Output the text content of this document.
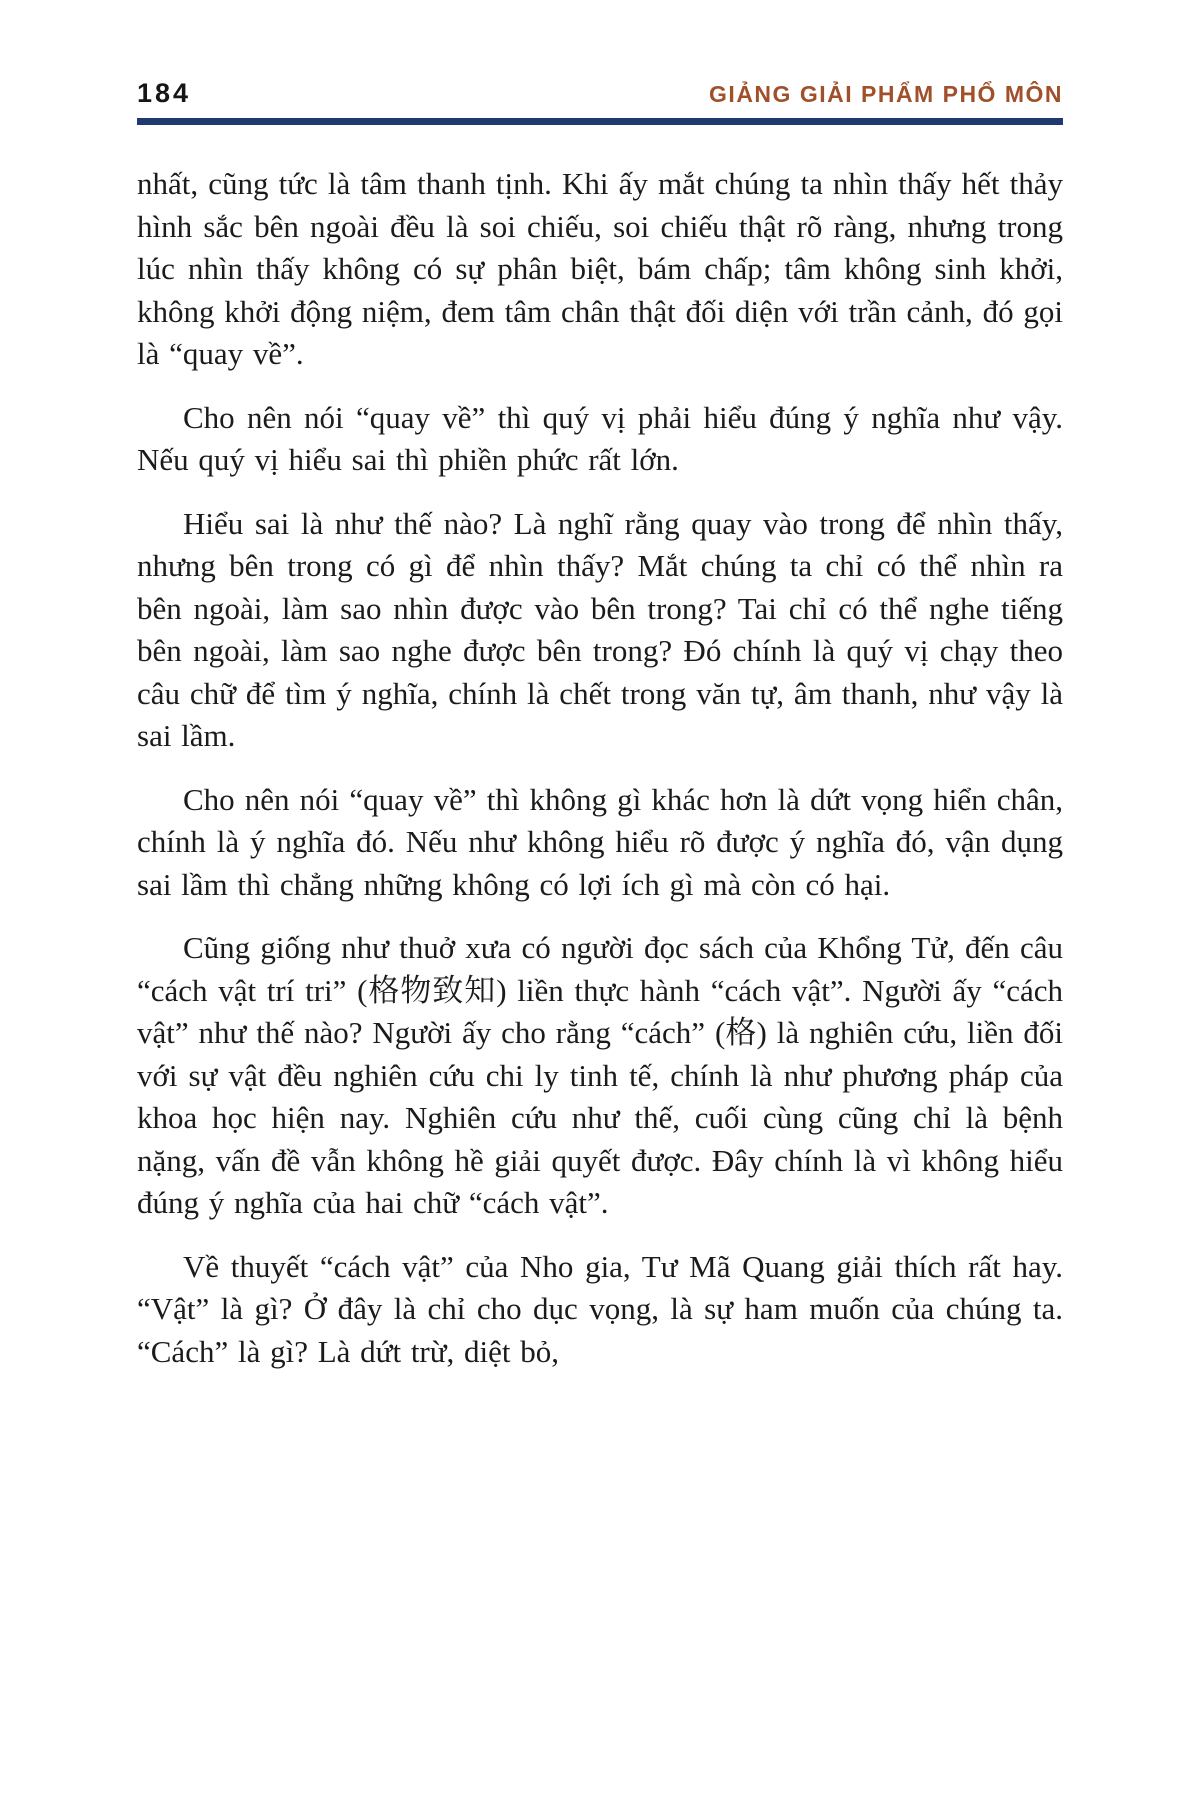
184	GIẢNG GIẢI PHẨM PHỔ MÔN

nhất, cũng tức là tâm thanh tịnh. Khi ấy mắt chúng ta nhìn thấy hết thảy hình sắc bên ngoài đều là soi chiếu, soi chiếu thật rõ ràng, nhưng trong lúc nhìn thấy không có sự phân biệt, bám chấp; tâm không sinh khởi, không khởi động niệm, đem tâm chân thật đối diện với trần cảnh, đó gọi là “quay về”.

Cho nên nói “quay về” thì quý vị phải hiểu đúng ý nghĩa như vậy. Nếu quý vị hiểu sai thì phiền phức rất lớn.

Hiểu sai là như thế nào? Là nghĩ rằng quay vào trong để nhìn thấy, nhưng bên trong có gì để nhìn thấy? Mắt chúng ta chỉ có thể nhìn ra bên ngoài, làm sao nhìn được vào bên trong? Tai chỉ có thể nghe tiếng bên ngoài, làm sao nghe được bên trong? Đó chính là quý vị chạy theo câu chữ để tìm ý nghĩa, chính là chết trong văn tự, âm thanh, như vậy là sai lầm.

Cho nên nói “quay về” thì không gì khác hơn là dứt vọng hiển chân, chính là ý nghĩa đó. Nếu như không hiểu rõ được ý nghĩa đó, vận dụng sai lầm thì chẳng những không có lợi ích gì mà còn có hại.

Cũng giống như thuở xưa có người đọc sách của Khổng Tử, đến câu “cách vật trí tri” (格物致知) liền thực hành “cách vật”. Người ấy “cách vật” như thế nào? Người ấy cho rằng “cách” (格) là nghiên cứu, liền đối với sự vật đều nghiên cứu chi ly tinh tế, chính là như phương pháp của khoa học hiện nay. Nghiên cứu như thế, cuối cùng cũng chỉ là bệnh nặng, vấn đề vẫn không hề giải quyết được. Đây chính là vì không hiểu đúng ý nghĩa của hai chữ “cách vật”.

Về thuyết “cách vật” của Nho gia, Tư Mã Quang giải thích rất hay. “Vật” là gì? Ở đây là chỉ cho dục vọng, là sự ham muốn của chúng ta. “Cách” là gì? Là dứt trừ, diệt bỏ,
